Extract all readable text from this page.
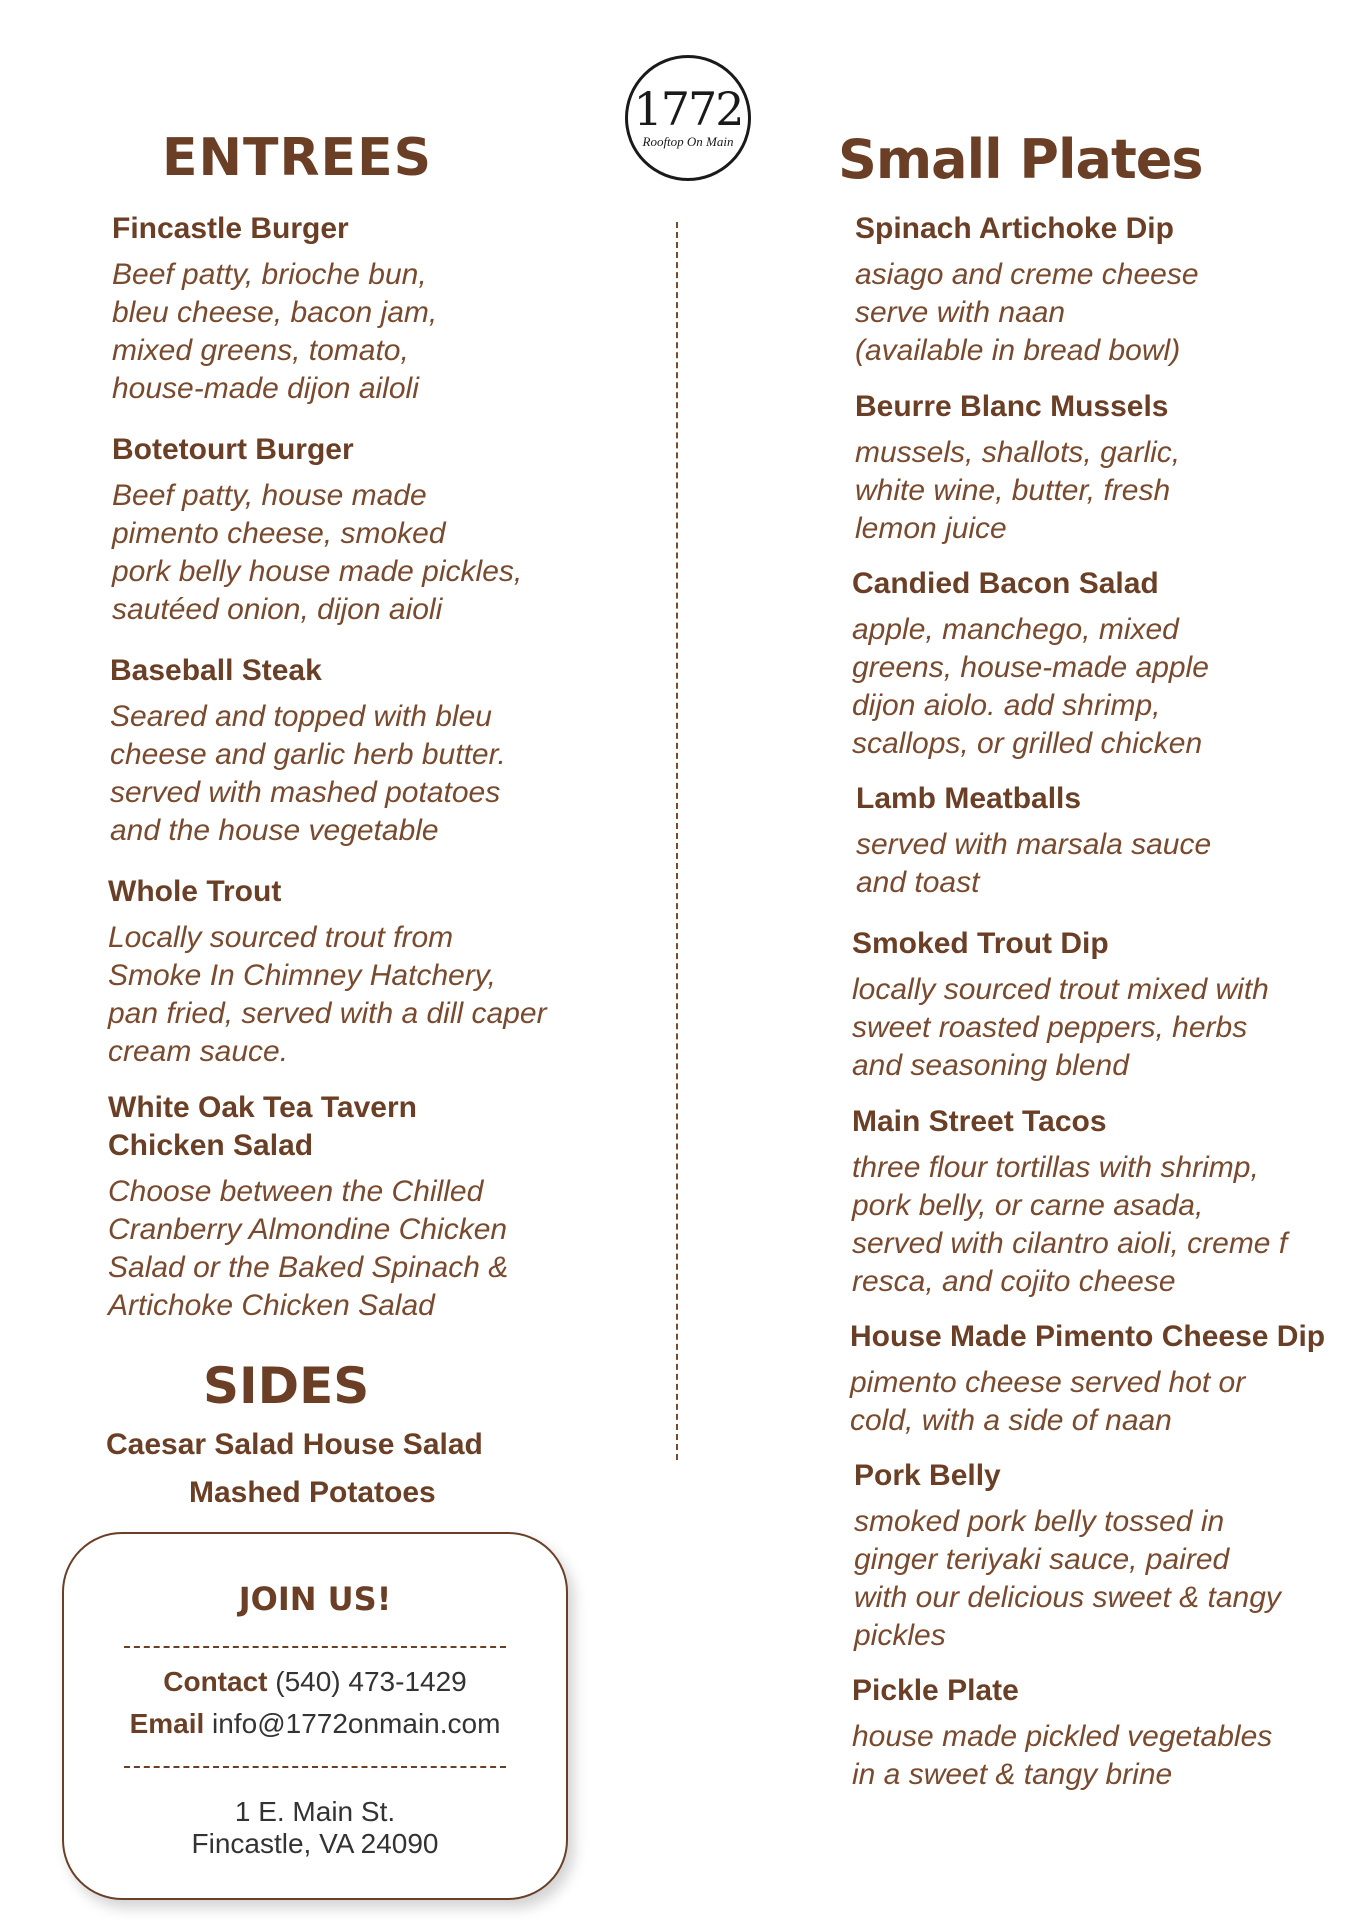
1772
Rooftop On Main
ENTREES
Fincastle Burger
Beef patty, brioche bun,
bleu cheese, bacon jam,
mixed greens, tomato,
house-made dijon ailoli
Botetourt Burger
Beef patty, house made
pimento cheese, smoked
pork belly house made pickles,
sautéed onion, dijon aioli
Baseball Steak
Seared and topped with bleu
cheese and garlic herb butter.
served with mashed potatoes
and the house vegetable
Whole Trout
Locally sourced trout from
Smoke In Chimney Hatchery,
pan fried, served with a dill caper
cream sauce.
White Oak Tea Tavern
Chicken Salad
Choose between the Chilled
Cranberry Almondine Chicken
Salad or the Baked Spinach &
Artichoke Chicken Salad
SIDES
Caesar Salad House Salad
Mashed Potatoes
JOIN US!
Contact (540) 473-1429
Email info@1772onmain.com
1 E. Main St.
Fincastle, VA 24090
Small Plates
Spinach Artichoke Dip
asiago and creme cheese
serve with naan
(available in bread bowl)
Beurre Blanc Mussels
mussels, shallots, garlic,
white wine, butter, fresh
lemon juice
Candied Bacon Salad
apple, manchego, mixed
greens, house-made apple
dijon aiolo. add shrimp,
scallops, or grilled chicken
Lamb Meatballs
served with marsala sauce
and toast
Smoked Trout Dip
locally sourced trout mixed with
sweet roasted peppers, herbs
and seasoning blend
Main Street Tacos
three flour tortillas with shrimp,
pork belly, or carne asada,
served with cilantro aioli, creme f
resca, and cojito cheese
House Made Pimento Cheese Dip
pimento cheese served hot or
cold, with a side of naan
Pork Belly
smoked pork belly tossed in
ginger teriyaki sauce, paired
with our delicious sweet & tangy
pickles
Pickle Plate
house made pickled vegetables
in a sweet & tangy brine
